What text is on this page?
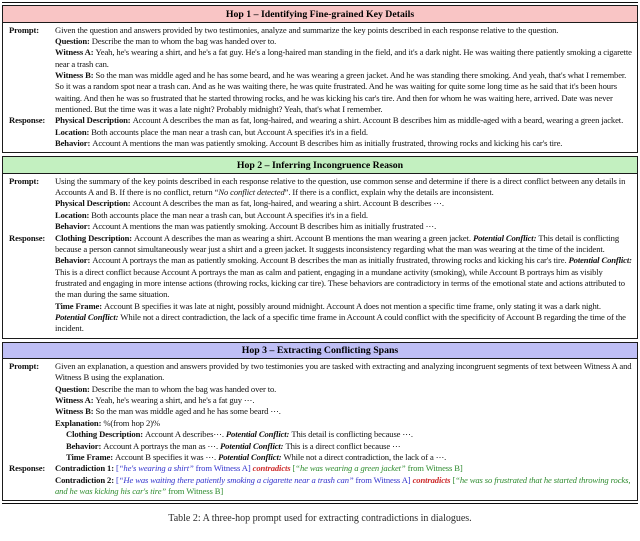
Hop 1 – Identifying Fine-grained Key Details
Prompt:	Given the question and answers provided by two testimonies, analyze and summarize the key points described in each response relative to the question.

Question: Describe the man to whom the bag was handed over to.

Witness A: Yeah, he's wearing a shirt, and he's a fat guy. He's a long-haired man standing in the field, and it's a dark night. He was waiting there patiently smoking a cigarette near a trash can.

Witness B: So the man was middle aged and he has some beard, and he was wearing a green jacket. And he was standing there smoking. And yeah, that's what I remember. So it was a random spot near a trash can. And as he was waiting there, he was quite frustrated. And he was waiting for quite some long time as he said that it's been hours waiting. And then he was so frustrated that he started throwing rocks, and he was kicking his car's tire. And then for whom he was waiting here, arrived. Date was never mentioned. But the time was it was a late night? Probably midnight? Yeah, that's what I remember.

Response:	Physical Description: Account A describes the man as fat, long-haired, and wearing a shirt. Account B describes him as middle-aged with a beard, wearing a green jacket.

Location: Both accounts place the man near a trash can, but Account A specifies it's in a field.

Behavior: Account A mentions the man was patiently smoking. Account B describes him as initially frustrated, throwing rocks and kicking his car's tire.

Hop 2 – Inferring Incongruence Reason
Prompt:	Using the summary of the key points described in each response relative to the question, use common sense and determine if there is a direct conflict between any details in Accounts A and B. If there is no conflict, return “No conflict detected”. If there is a conflict, explain why the details are inconsistent.

Physical Description: Account A describes the man as fat, long-haired, and wearing a shirt. Account B describes ⋯.

Location: Both accounts place the man near a trash can, but Account A specifies it's in a field.

Behavior: Account A mentions the man was patiently smoking. Account B describes him as initially frustrated ⋯.

Response:	Clothing Description: Account A describes the man as wearing a shirt. Account B mentions the man wearing a green jacket. Potential Conflict: This detail is conflicting because a person cannot simultaneously wear just a shirt and a green jacket. It suggests inconsistency regarding what the man was wearing at the time of the incident.

Behavior: Account A portrays the man as patiently smoking. Account B describes the man as initially frustrated, throwing rocks and kicking his car's tire. Potential Conflict: This is a direct conflict because Account A portrays the man as calm and patient, engaging in a mundane activity (smoking), while Account B portrays him as visibly frustrated and engaging in more intense actions (throwing rocks, kicking car tire). These behaviors are contradictory in terms of the emotional state and actions attributed to the man during the same situation.

Time Frame: Account B specifies it was late at night, possibly around midnight. Account A does not mention a specific time frame, only stating it was a dark night. Potential Conflict: While not a direct contradiction, the lack of a specific time frame in Account A could conflict with the specificity of Account B regarding the time of the incident.

Hop 3 – Extracting Conflicting Spans
Prompt:	Given an explanation, a question and answers provided by two testimonies you are tasked with extracting and analyzing incongruent segments of text between Witness A and Witness B using the explanation.

Question: Describe the man to whom the bag was handed over to.

Witness A: Yeah, he's wearing a shirt, and he's a fat guy ⋯.

Witness B: So the man was middle aged and he has some beard ⋯.

Explanation: %(from hop 2)%

Clothing Description: Account A describes⋯. Potential Conflict: This detail is conflicting because ⋯.

Behavior: Account A portrays the man as ⋯. Potential Conflict: This is a direct conflict because ⋯

Time Frame: Account B specifies it was ⋯. Potential Conflict: While not a direct contradiction, the lack of a ⋯.

Response:	Contradiction 1: [“he's wearing a shirt” from Witness A] contradicts [“he was wearing a green jacket” from Witness B]

Contradiction 2: [“He was waiting there patiently smoking a cigarette near a trash can” from Witness A] contradicts [“he was so frustrated that he started throwing rocks, and he was kicking his car's tire” from Witness B]

Table 2: A three-hop prompt used for extracting contradictions in dialogues.
